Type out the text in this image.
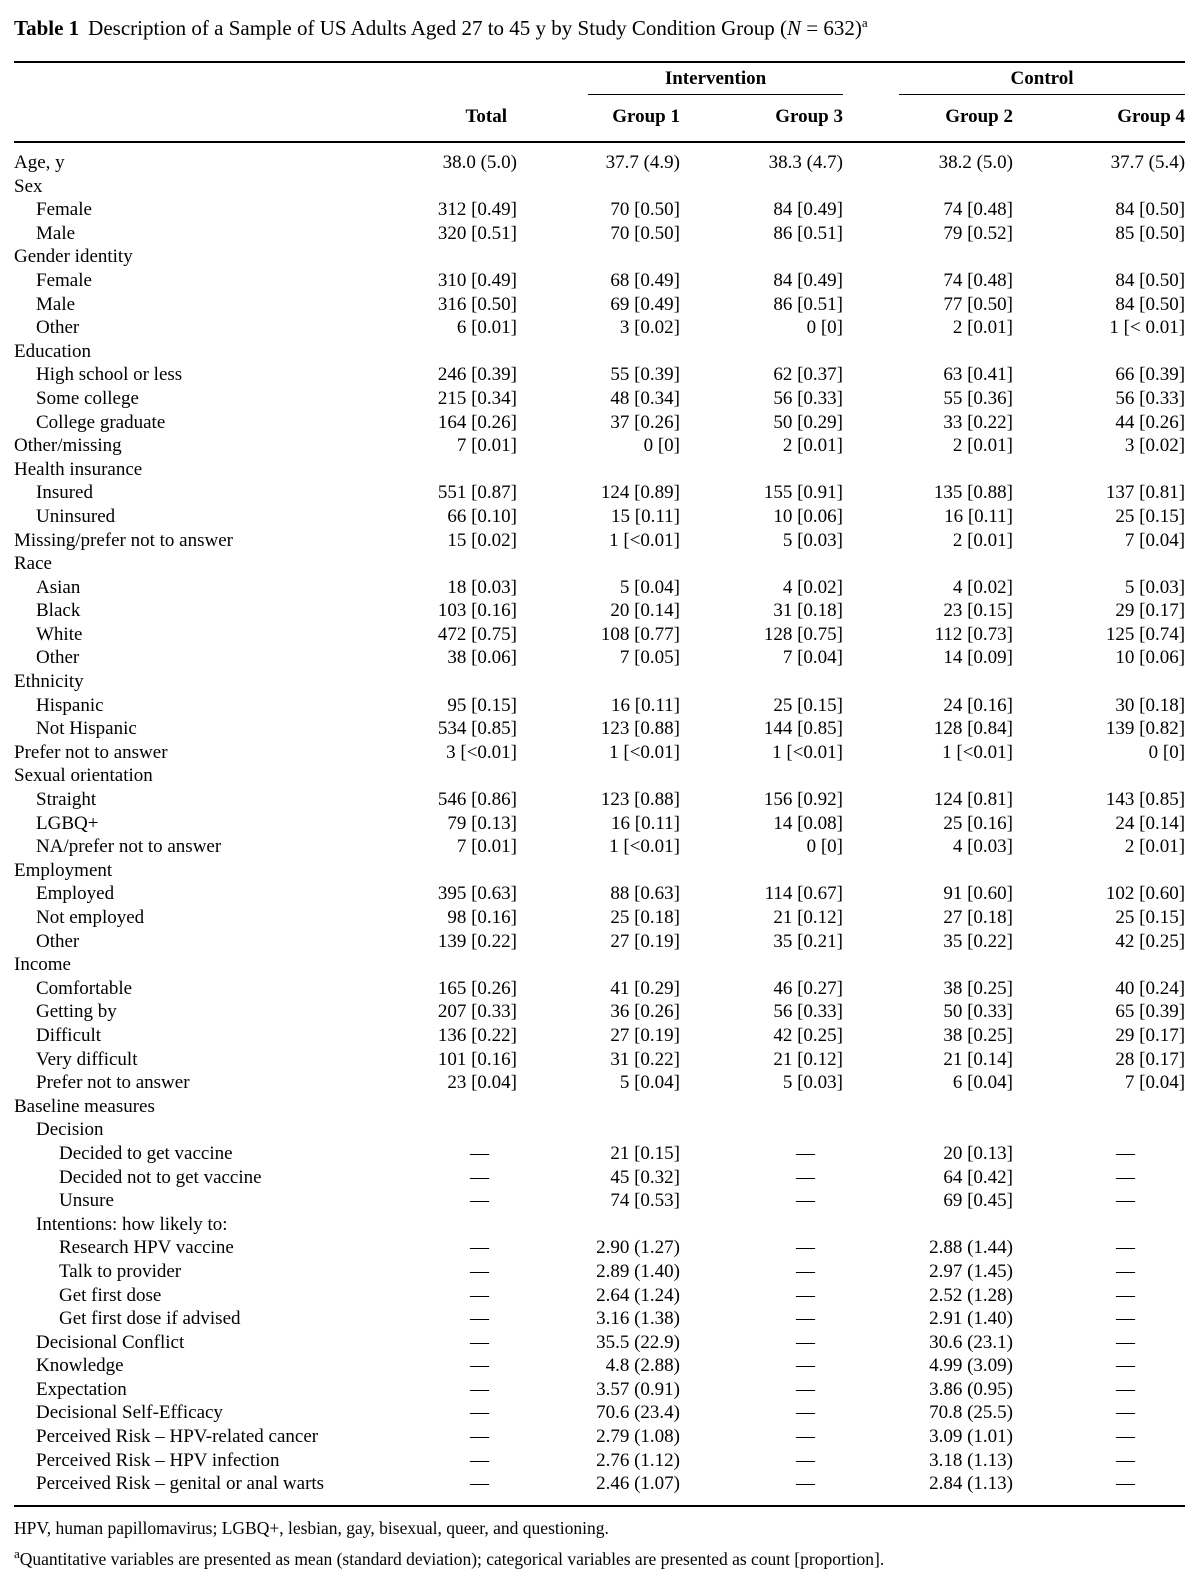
Table 1 Description of a Sample of US Adults Aged 27 to 45 y by Study Condition Group (N = 632)$^a$

		Intervention		Control	

	Total	Group 1	Group 3	Group 2	Group 4
Age, y	38.0 (5.0)	37.7 (4.9)	38.3 (4.7)	38.2 (5.0)	37.7 (5.4)
Sex					
Female	312 [0.49]	70 [0.50]	84 [0.49]	74 [0.48]	84 [0.50]
Male	320 [0.51]	70 [0.50]	86 [0.51]	79 [0.52]	85 [0.50]
Gender identity					
Female	310 [0.49]	68 [0.49]	84 [0.49]	74 [0.48]	84 [0.50]
Male	316 [0.50]	69 [0.49]	86 [0.51]	77 [0.50]	84 [0.50]
Other	6 [0.01]	3 [0.02]	0 [0]	2 [0.01]	1 [< 0.01]
Education					
High school or less	246 [0.39]	55 [0.39]	62 [0.37]	63 [0.41]	66 [0.39]
Some college	215 [0.34]	48 [0.34]	56 [0.33]	55 [0.36]	56 [0.33]
College graduate	164 [0.26]	37 [0.26]	50 [0.29]	33 [0.22]	44 [0.26]
Other/missing	7 [0.01]	0 [0]	2 [0.01]	2 [0.01]	3 [0.02]
Health insurance					
Insured	551 [0.87]	124 [0.89]	155 [0.91]	135 [0.88]	137 [0.81]
Uninsured	66 [0.10]	15 [0.11]	10 [0.06]	16 [0.11]	25 [0.15]
Missing/prefer not to answer	15 [0.02]	1 [<0.01]	5 [0.03]	2 [0.01]	7 [0.04]
Race					
Asian	18 [0.03]	5 [0.04]	4 [0.02]	4 [0.02]	5 [0.03]
Black	103 [0.16]	20 [0.14]	31 [0.18]	23 [0.15]	29 [0.17]
White	472 [0.75]	108 [0.77]	128 [0.75]	112 [0.73]	125 [0.74]
Other	38 [0.06]	7 [0.05]	7 [0.04]	14 [0.09]	10 [0.06]
Ethnicity					
Hispanic	95 [0.15]	16 [0.11]	25 [0.15]	24 [0.16]	30 [0.18]
Not Hispanic	534 [0.85]	123 [0.88]	144 [0.85]	128 [0.84]	139 [0.82]
Prefer not to answer	3 [<0.01]	1 [<0.01]	1 [<0.01]	1 [<0.01]	0 [0]
Sexual orientation					
Straight	546 [0.86]	123 [0.88]	156 [0.92]	124 [0.81]	143 [0.85]
LGBQ+	79 [0.13]	16 [0.11]	14 [0.08]	25 [0.16]	24 [0.14]
NA/prefer not to answer	7 [0.01]	1 [<0.01]	0 [0]	4 [0.03]	2 [0.01]
Employment					
Employed	395 [0.63]	88 [0.63]	114 [0.67]	91 [0.60]	102 [0.60]
Not employed	98 [0.16]	25 [0.18]	21 [0.12]	27 [0.18]	25 [0.15]
Other	139 [0.22]	27 [0.19]	35 [0.21]	35 [0.22]	42 [0.25]
Income					
Comfortable	165 [0.26]	41 [0.29]	46 [0.27]	38 [0.25]	40 [0.24]
Getting by	207 [0.33]	36 [0.26]	56 [0.33]	50 [0.33]	65 [0.39]
Difficult	136 [0.22]	27 [0.19]	42 [0.25]	38 [0.25]	29 [0.17]
Very difficult	101 [0.16]	31 [0.22]	21 [0.12]	21 [0.14]	28 [0.17]
Prefer not to answer	23 [0.04]	5 [0.04]	5 [0.03]	6 [0.04]	7 [0.04]
Baseline measures					
Decision					
Decided to get vaccine	—	21 [0.15]	—	20 [0.13]	—
Decided not to get vaccine	—	45 [0.32]	—	64 [0.42]	—
Unsure	—	74 [0.53]	—	69 [0.45]	—
Intentions: how likely to:					
Research HPV vaccine	—	2.90 (1.27)	—	2.88 (1.44)	—
Talk to provider	—	2.89 (1.40)	—	2.97 (1.45)	—
Get first dose	—	2.64 (1.24)	—	2.52 (1.28)	—
Get first dose if advised	—	3.16 (1.38)	—	2.91 (1.40)	—
Decisional Conflict	—	35.5 (22.9)	—	30.6 (23.1)	—
Knowledge	—	4.8 (2.88)	—	4.99 (3.09)	—
Expectation	—	3.57 (0.91)	—	3.86 (0.95)	—
Decisional Self-Efficacy	—	70.6 (23.4)	—	70.8 (25.5)	—
Perceived Risk – HPV-related cancer	—	2.79 (1.08)	—	3.09 (1.01)	—
Perceived Risk – HPV infection	—	2.76 (1.12)	—	3.18 (1.13)	—
Perceived Risk – genital or anal warts	—	2.46 (1.07)	—	2.84 (1.13)	—

HPV, human papillomavirus; LGBQ+, lesbian, gay, bisexual, queer, and questioning.

$^a$Quantitative variables are presented as mean (standard deviation); categorical variables are presented as count [proportion].
